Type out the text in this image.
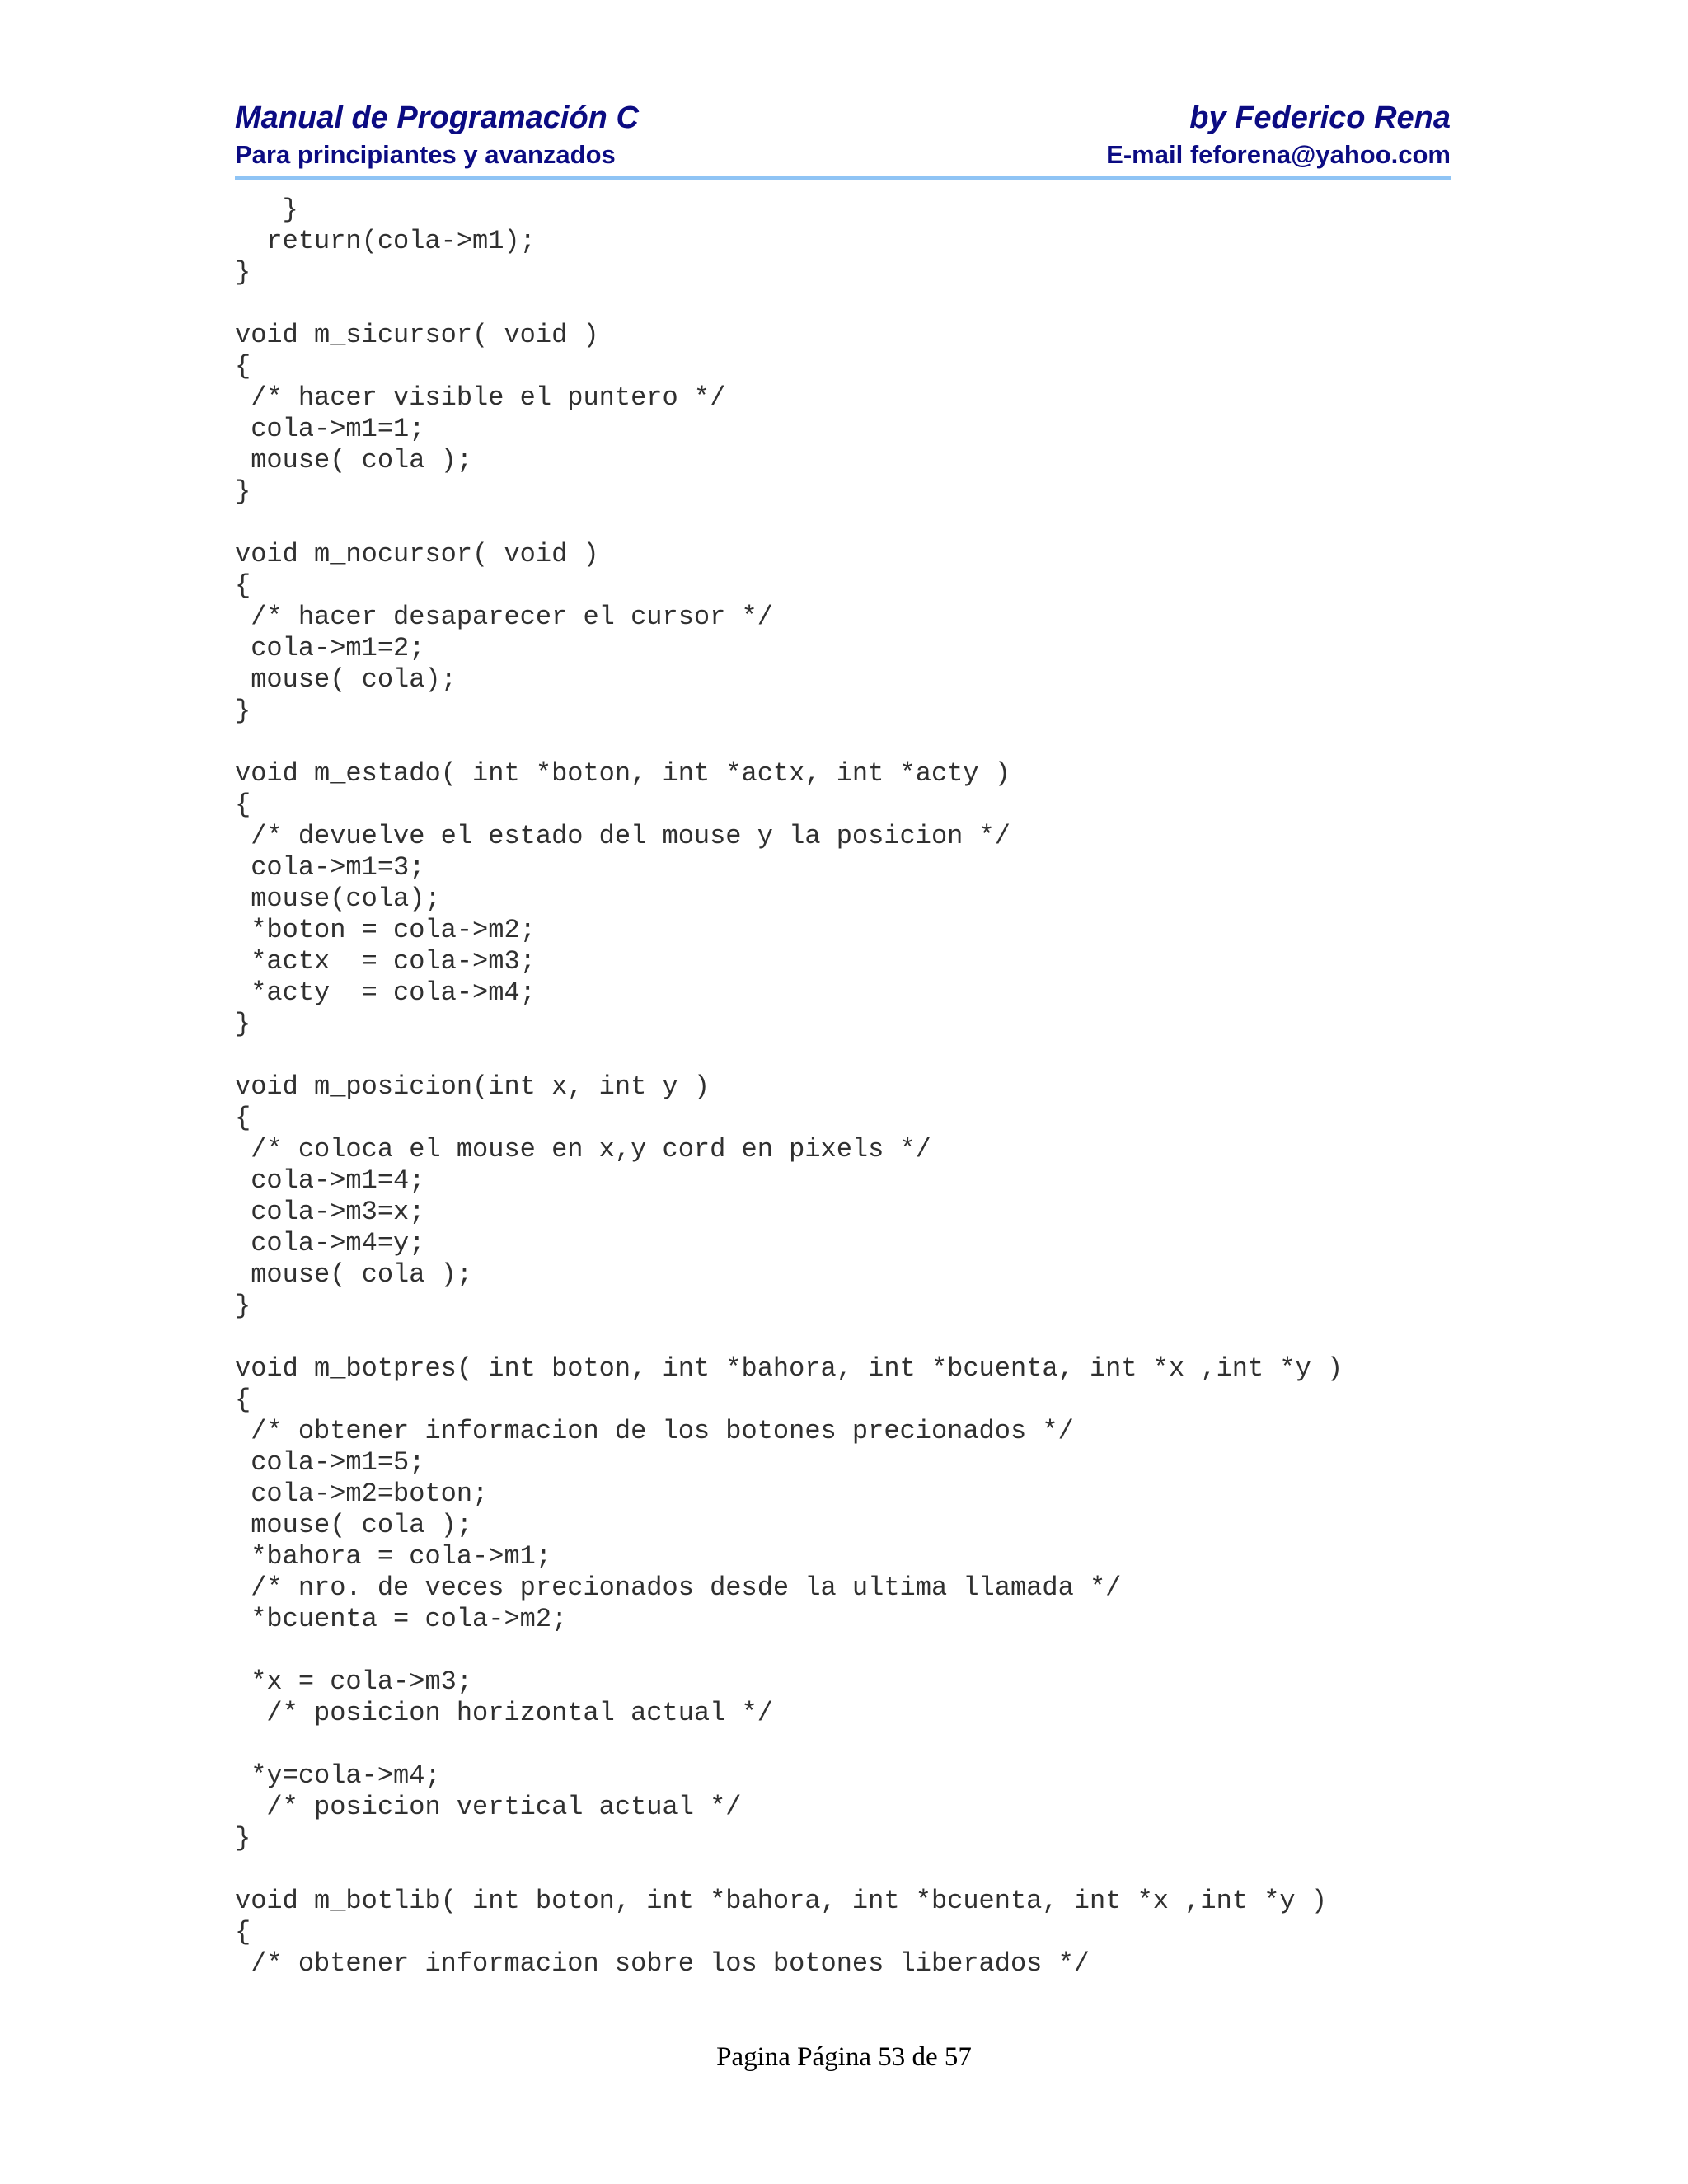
Manual de Programación C	by Federico Rena
Para principiantes y avanzados	E-mail feforena@yahoo.com
}
return(cola->m1);
}
void m_sicursor( void )
{
/* hacer visible el puntero */
cola->m1=1;
mouse( cola );
}
void m_nocursor( void )
{
/* hacer desaparecer el cursor */
cola->m1=2;
mouse( cola);
}
void m_estado( int *boton, int *actx, int *acty )
{
/* devuelve el estado del mouse y la posicion */
cola->m1=3;
mouse(cola);
*boton = cola->m2;
*actx  = cola->m3;
*acty  = cola->m4;
}
void m_posicion(int x, int y )
{
/* coloca el mouse en x,y cord en pixels */
cola->m1=4;
cola->m3=x;
cola->m4=y;
mouse( cola );
}
void m_botpres( int boton, int *bahora, int *bcuenta, int *x ,int *y )
{
/* obtener informacion de los botones precionados */
cola->m1=5;
cola->m2=boton;
mouse( cola );
*bahora = cola->m1;
/* nro. de veces precionados desde la ultima llamada */
*bcuenta = cola->m2;
*x = cola->m3;
/* posicion horizontal actual */
*y=cola->m4;
/* posicion vertical actual */
}
void m_botlib( int boton, int *bahora, int *bcuenta, int *x ,int *y )
{
/* obtener informacion sobre los botones liberados */
Pagina Página 53 de 57
